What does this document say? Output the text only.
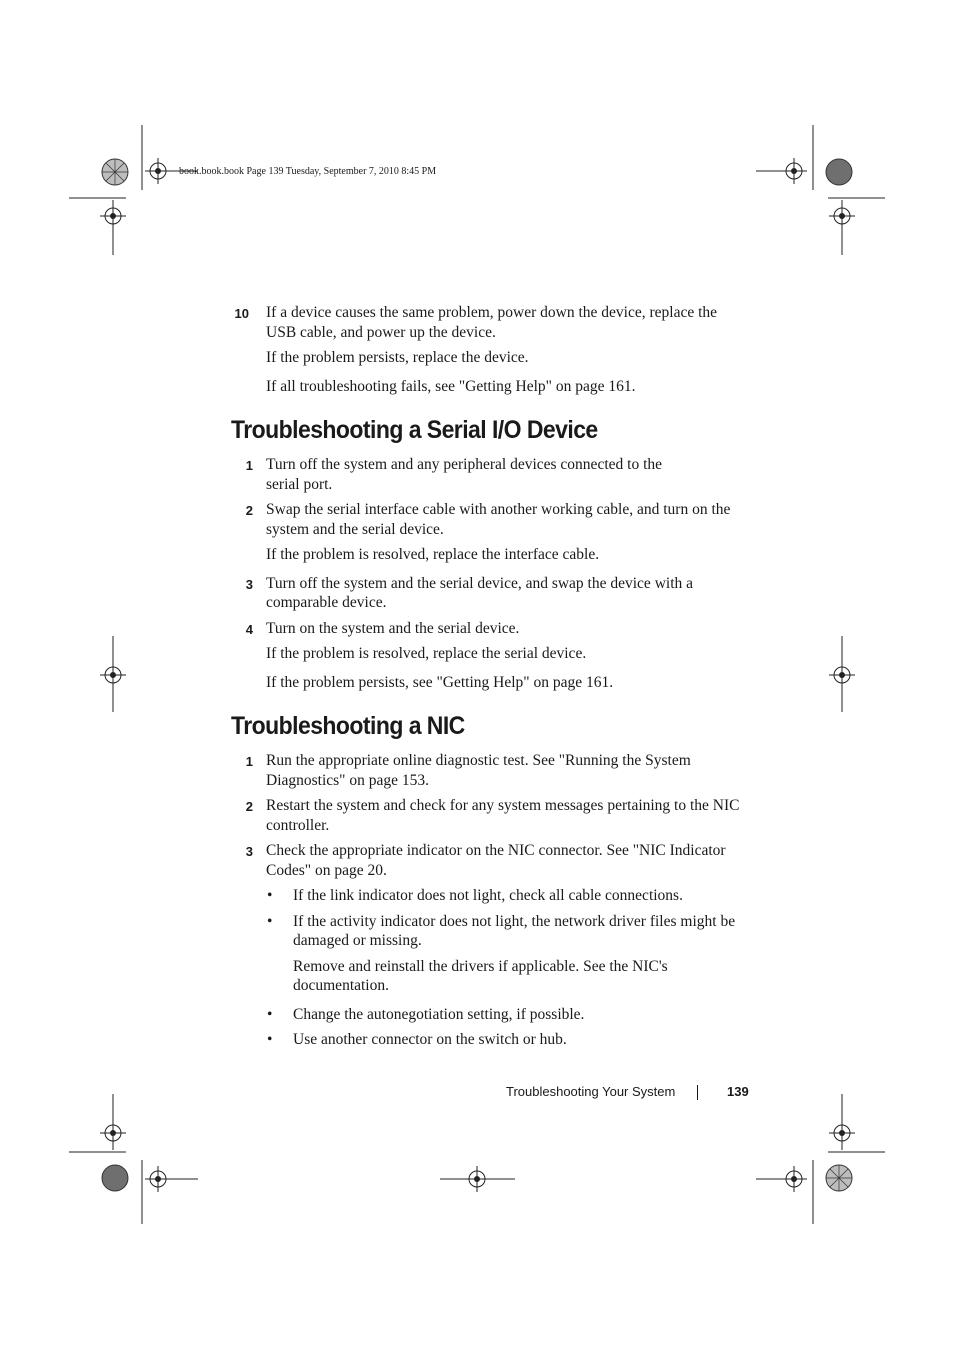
book.book.book Page 139 Tuesday, September 7, 2010 8:45 PM
10 If a device causes the same problem, power down the device, replace the USB cable, and power up the device.
If the problem persists, replace the device.
If all troubleshooting fails, see "Getting Help" on page 161.
Troubleshooting a Serial I/O Device
1 Turn off the system and any peripheral devices connected to the
serial port.
2 Swap the serial interface cable with another working cable, and turn on the system and the serial device.
If the problem is resolved, replace the interface cable.
3 Turn off the system and the serial device, and swap the device with a comparable device.
4 Turn on the system and the serial device.
If the problem is resolved, replace the serial device.
If the problem persists, see "Getting Help" on page 161.
Troubleshooting a NIC
1 Run the appropriate online diagnostic test. See "Running the System Diagnostics" on page 153.
2 Restart the system and check for any system messages pertaining to the NIC controller.
3 Check the appropriate indicator on the NIC connector. See "NIC Indicator Codes" on page 20.
• If the link indicator does not light, check all cable connections.
• If the activity indicator does not light, the network driver files might be damaged or missing.
Remove and reinstall the drivers if applicable. See the NIC's documentation.
• Change the autonegotiation setting, if possible.
• Use another connector on the switch or hub.
Troubleshooting Your System	139
